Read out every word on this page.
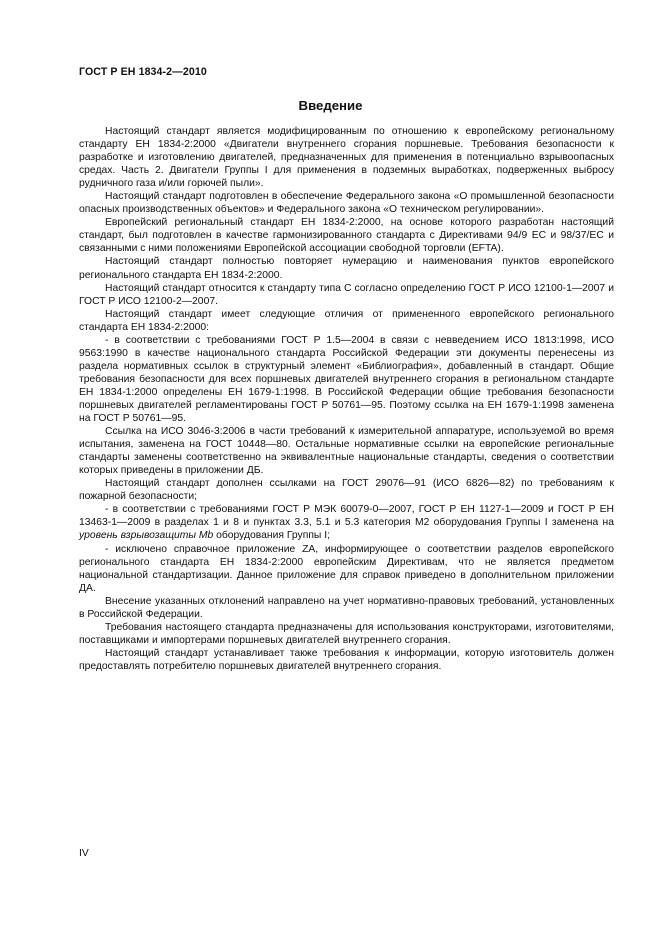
ГОСТ Р ЕН 1834-2—2010
Введение

Настоящий стандарт является модифицированным по отношению к европейскому региональному стандарту ЕН 1834-2:2000 «Двигатели внутреннего сгорания поршневые. Требования безопасности к разработке и изготовлению двигателей, предназначенных для применения в потенциально взрывоопасных средах. Часть 2. Двигатели Группы I для применения в подземных выработках, подверженных выбросу рудничного газа и/или горючей пыли».

Настоящий стандарт подготовлен в обеспечение Федерального закона «О промышленной безопасности опасных производственных объектов» и Федерального закона «О техническом регулировании».

Европейский региональный стандарт ЕН 1834-2:2000, на основе которого разработан настоящий стандарт, был подготовлен в качестве гармонизированного стандарта с Директивами 94/9 ЕС и 98/37/ЕС и связанными с ними положениями Европейской ассоциации свободной торговли (EFTA).

Настоящий стандарт полностью повторяет нумерацию и наименования пунктов европейского регионального стандарта ЕН 1834-2:2000.

Настоящий стандарт относится к стандарту типа С согласно определению ГОСТ Р ИСО 12100-1—2007 и ГОСТ Р ИСО 12100-2—2007.

Настоящий стандарт имеет следующие отличия от примененного европейского регионального стандарта ЕН 1834-2:2000:

- в соответствии с требованиями ГОСТ Р 1.5—2004 в связи с невведением ИСО 1813:1998, ИСО 9563:1990 в качестве национального стандарта Российской Федерации эти документы перенесены из раздела нормативных ссылок в структурный элемент «Библиография», добавленный в стандарт. Общие требования безопасности для всех поршневых двигателей внутреннего сгорания в региональном стандарте ЕН 1834-1:2000 определены ЕН 1679-1:1998. В Российской Федерации общие требования безопасности поршневых двигателей регламентированы ГОСТ Р 50761—95. Поэтому ссылка на ЕН 1679-1:1998 заменена на ГОСТ Р 50761—95.

Ссылка на ИСО 3046-3:2006 в части требований к измерительной аппаратуре, используемой во время испытания, заменена на ГОСТ 10448—80. Остальные нормативные ссылки на европейские региональные стандарты заменены соответственно на эквивалентные национальные стандарты, сведения о соответствии которых приведены в приложении ДБ.

Настоящий стандарт дополнен ссылками на ГОСТ 29076—91 (ИСО 6826—82) по требованиям к пожарной безопасности;

- в соответствии с требованиями ГОСТ Р МЭК 60079-0—2007, ГОСТ Р ЕН 1127-1—2009 и ГОСТ Р ЕН 13463-1—2009 в разделах 1 и 8 и пунктах 3.3, 5.1 и 5.3 категория М2 оборудования Группы I заменена на уровень взрывозащиты Mb оборудования Группы I;

- исключено справочное приложение ZA, информирующее о соответствии разделов европейского регионального стандарта ЕН 1834-2:2000 европейским Директивам, что не является предметом национальной стандартизации. Данное приложение для справок приведено в дополнительном приложении ДА.

Внесение указанных отклонений направлено на учет нормативно-правовых требований, установленных в Российской Федерации.

Требования настоящего стандарта предназначены для использования конструкторами, изготовителями, поставщиками и импортерами поршневых двигателей внутреннего сгорания.

Настоящий стандарт устанавливает также требования к информации, которую изготовитель должен предоставлять потребителю поршневых двигателей внутреннего сгорания.

IV
